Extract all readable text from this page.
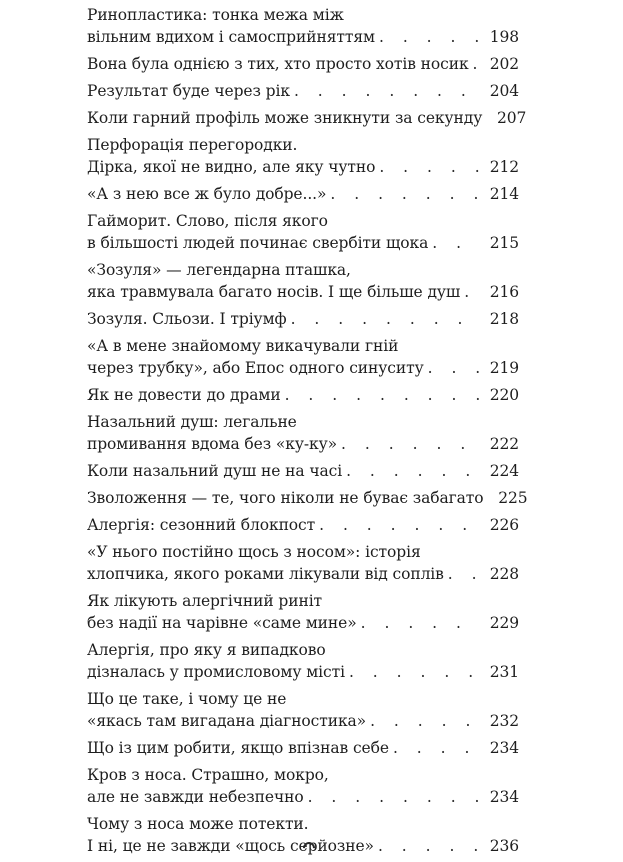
Ринопластика: тонка межа між
вільним вдихом і самосприйняттям . . .	198
Вона була однією з тих, хто просто хотів носик . . .	202
Результат буде через рік . . .	204
Коли гарний профіль може зникнути за секунду . . . 207
Перфорація перегородки.
Дірка, якої не видно, але яку чутно . . .	212
«А з нею все ж було добре...» . . .	214
Гайморит. Слово, після якого
в більшості людей починає свербіти щока . . .	215
«Зозуля» — легендарна пташка,
яка травмувала багато носів. І ще більше душ . . .	216
Зозуля. Сльози. І тріумф . . .	218
«А в мене знайомому викачували гній
через трубку», або Епос одного синуситу . . .	219
Як не довести до драми . . .	220
Назальний душ: легальне
промивання вдома без «ку-ку» . . .	222
Коли назальний душ не на часі . . .	224
Зволоження — те, чого ніколи не буває забагато . . . 225
Алергія: сезонний блокпост . . .	226
«У нього постійно щось з носом»: історія
хлопчика, якого роками лікували від соплів . . .	228
Як лікують алергічний риніт
без надії на чарівне «саме мине» . . .	229
Алергія, про яку я випадково
дізналась у промисловому місті . . .	231
Що це таке, і чому це не
«якась там вигадана діагностика» . . .	232
Що із цим робити, якщо впізнав себе . . .	234
Кров з носа. Страшно, мокро,
але не завжди небезпечно . . .	234
Чому з носа може потекти.
І ні, це не завжди «щось серйозне» . . .	236
